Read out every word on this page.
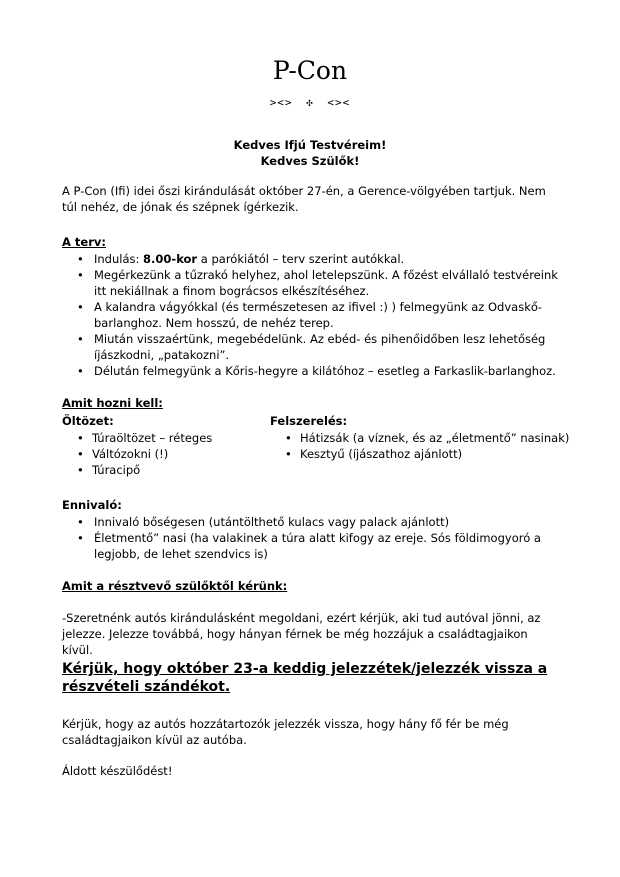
P-Con
><> ✣ <><
Kedves Ifjú Testvéreim!
Kedves Szülők!

A P-Con (Ifi) idei őszi kirándulását október 27-én, a Gerence-völgyében tartjuk. Nem túl nehéz, de jónak és szépnek ígérkezik.

A terv:

• Indulás: 8.00-kor a parókiától – terv szerint autókkal.
• Megérkezünk a tűzrakó helyhez, ahol letelepszünk. A főzést elvállaló testvéreink itt nekiállnak a finom bográcsos elkészítéséhez.
• A kalandra vágyókkal (és természetesen az ifivel :) ) felmegyünk az Odvaskő-barlanghoz. Nem hosszú, de nehéz terep.
• Miután visszaértünk, megebédelünk. Az ebéd- és pihenőidőben lesz lehetőség íjászkodni, „patakozni”.
• Délután felmegyünk a Kőris-hegyre a kilátóhoz – esetleg a Farkaslik-barlanghoz.

Amit hozni kell:

Öltözet:

• Túraöltözet – réteges
• Váltózokni (!)
• Túracipő

Felszerelés:

• Hátizsák (a víznek, és az „életmentő” nasinak)
• Kesztyű (íjászathoz ajánlott)

Ennivaló:

• Innivaló bőségesen (utántölthető kulacs vagy palack ajánlott)
• Életmentő” nasi (ha valakinek a túra alatt kifogy az ereje. Sós földimogyoró a legjobb, de lehet szendvics is)

Amit a résztvevő szülőktől kérünk:

-Szeretnénk autós kirándulásként megoldani, ezért kérjük, aki tud autóval jönni, az jelezze. Jelezze továbbá, hogy hányan férnek be még hozzájuk a családtagjaikon kívül.

Kérjük, hogy október 23-a keddig jelezzétek/jelezzék vissza a részvételi szándékot.

Kérjük, hogy az autós hozzátartozók jelezzék vissza, hogy hány fő fér be még családtagjaikon kívül az autóba.

Áldott készülődést!
